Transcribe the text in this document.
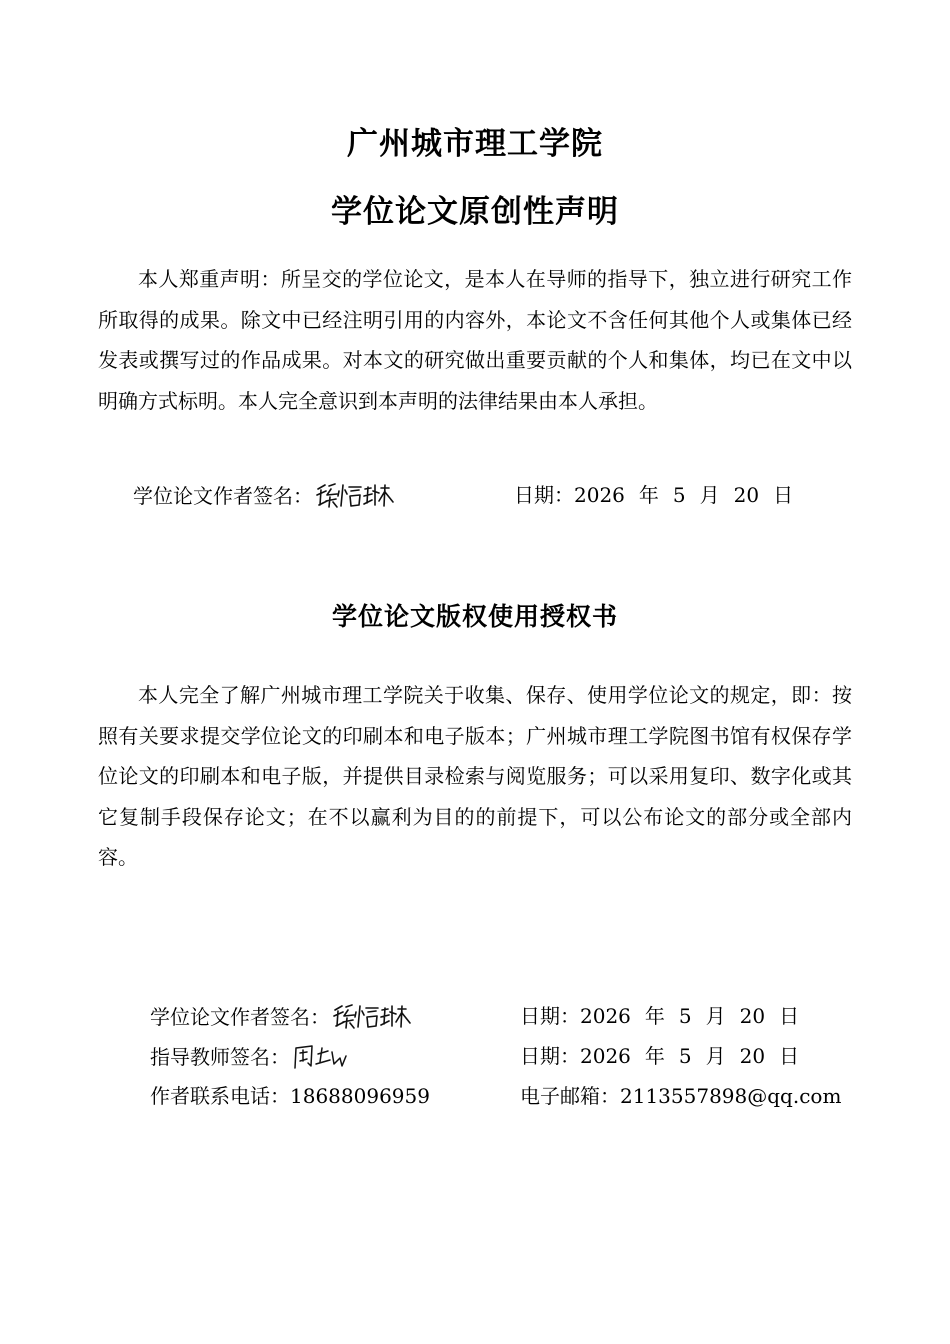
广州城市理工学院
学位论文原创性声明

本人郑重声明：所呈交的学位论文，是本人在导师的指导下，独立进行研究工作所取得的成果。除文中已经注明引用的内容外，本论文不含任何其他个人或集体已经发表或撰写过的作品成果。对本文的研究做出重要贡献的个人和集体，均已在文中以明确方式标明。本人完全意识到本声明的法律结果由本人承担。

学位论文作者签名：	日期： 2026 年 5 月 20 日
学位论文版权使用授权书

本人完全了解广州城市理工学院关于收集、保存、使用学位论文的规定，即：按照有关要求提交学位论文的印刷本和电子版本；广州城市理工学院图书馆有权保存学位论文的印刷本和电子版，并提供目录检索与阅览服务；可以采用复印、数字化或其它复制手段保存论文；在不以赢利为目的的前提下，可以公布论文的部分或全部内容。

学位论文作者签名：	日期： 2026 年 5 月 20 日
指导教师签名：	日期： 2026 年 5 月 20 日
作者联系电话： 18688096959	电子邮箱： 2113557898@qq.com
